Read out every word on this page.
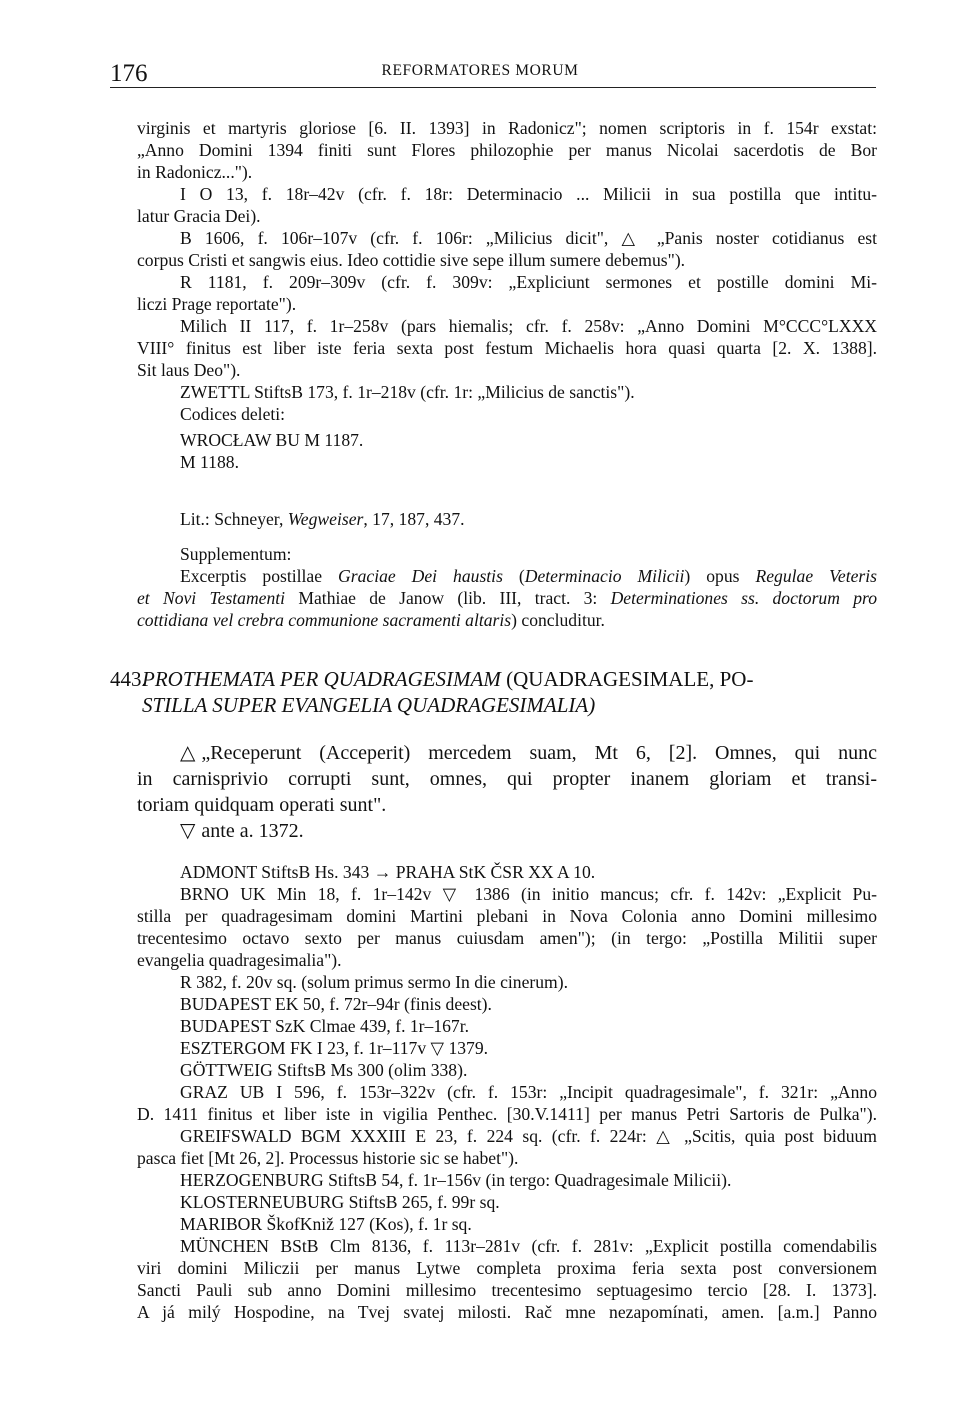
176	REFORMATORES MORUM
virginis et martyris gloriose [6. II. 1393] in Radonicz"; nomen scriptoris in f. 154r exstat:
„Anno Domini 1394 finiti sunt Flores philozophie per manus Nicolai sacerdotis de Bor
in Radonicz...").
I O 13, f. 18r–42v (cfr. f. 18r: Determinacio ... Milicii in sua postilla que intitu-
latur Gracia Dei).
B 1606, f. 106r–107v (cfr. f. 106r: „Milicius dicit", △ „Panis noster cotidianus est
corpus Cristi et sangwis eius. Ideo cottidie sive sepe illum sumere debemus").
R 1181, f. 209r–309v (cfr. f. 309v: „Expliciunt sermones et postille domini Mi-
liczi Prage reportate").
Milich II 117, f. 1r–258v (pars hiemalis; cfr. f. 258v: „Anno Domini M°CCC°LXXX
VIII° finitus est liber iste feria sexta post festum Michaelis hora quasi quarta [2. X. 1388].
Sit laus Deo").
ZWETTL StiftsB 173, f. 1r–218v (cfr. 1r: „Milicius de sanctis").
Codices deleti:
WROCŁAW BU M 1187.
M 1188.
Lit.: Schneyer, Wegweiser, 17, 187, 437.
Supplementum:
Excerptis postillae Graciae Dei haustis (Determinacio Milicii) opus Regulae Veteris
et Novi Testamenti Mathiae de Janow (lib. III, tract. 3: Determinationes ss. doctorum pro
cottidiana vel crebra communione sacramenti altaris) concluditur.
443.PROTHEMATA PER QUADRAGESIMAM (QUADRAGESIMALE, PO-
STILLA SUPER EVANGELIA QUADRAGESIMALIA)
△ „Receperunt (Acceperit) mercedem suam, Mt 6, [2]. Omnes, qui nunc
in carnisprivio corrupti sunt, omnes, qui propter inanem gloriam et transi-
toriam quidquam operati sunt".
▽ ante a. 1372.
ADMONT StiftsB Hs. 343 → PRAHA StK ČSR XX A 10.
BRNO UK Min 18, f. 1r–142v ▽ 1386 (in initio mancus; cfr. f. 142v: „Explicit Pu-
stilla per quadragesimam domini Martini plebani in Nova Colonia anno Domini millesimo
trecentesimo octavo sexto per manus cuiusdam amen"); (in tergo: „Postilla Militii super
evangelia quadragesimalia").
R 382, f. 20v sq. (solum primus sermo In die cinerum).
BUDAPEST EK 50, f. 72r–94r (finis deest).
BUDAPEST SzK Clmae 439, f. 1r–167r.
ESZTERGOM FK I 23, f. 1r–117v ▽ 1379.
GÖTTWEIG StiftsB Ms 300 (olim 338).
GRAZ UB I 596, f. 153r–322v (cfr. f. 153r: „Incipit quadragesimale", f. 321r: „Anno
D. 1411 finitus et liber iste in vigilia Penthec. [30.V.1411] per manus Petri Sartoris de Pulka").
GREIFSWALD BGM XXXIII E 23, f. 224 sq. (cfr. f. 224r: △ „Scitis, quia post biduum
pasca fiet [Mt 26, 2]. Processus historie sic se habet").
HERZOGENBURG StiftsB 54, f. 1r–156v (in tergo: Quadragesimale Milicii).
KLOSTERNEUBURG StiftsB 265, f. 99r sq.
MARIBOR ŠkofKniž 127 (Kos), f. 1r sq.
MÜNCHEN BStB Clm 8136, f. 113r–281v (cfr. f. 281v: „Explicit postilla comendabilis
viri domini Miliczii per manus Lytwe completa proxima feria sexta post conversionem
Sancti Pauli sub anno Domini millesimo trecentesimo septuagesimo tercio [28. I. 1373].
A já milý Hospodine, na Tvej svatej milosti. Rač mne nezapomínati, amen. [a.m.] Panno
